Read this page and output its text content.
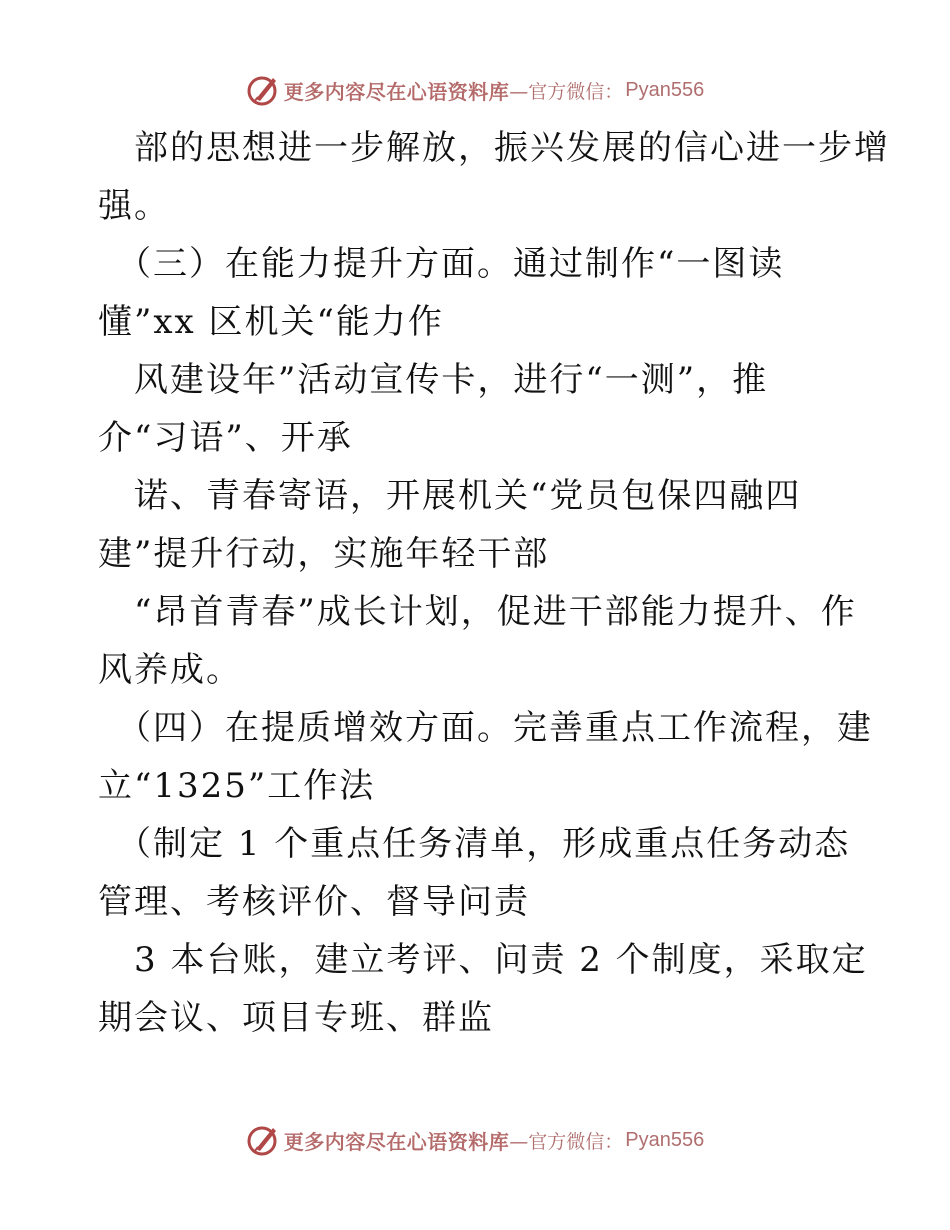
更多内容尽在心语资料库 —官方微信： Pyan556
　部的思想进一步解放，振兴发展的信心进一步增
强。
　（三）在能力提升方面。通过制作“一图读
懂”xx 区机关“能力作
　风建设年”活动宣传卡，进行“一测”，推
介“习语”、开承
　诺、青春寄语，开展机关“党员包保四融四
建”提升行动，实施年轻干部
　“昂首青春”成长计划，促进干部能力提升、作
风养成。
　（四）在提质增效方面。完善重点工作流程，建
立“1325”工作法
　（制定 1 个重点任务清单，形成重点任务动态
管理、考核评价、督导问责
　3 本台账，建立考评、问责 2 个制度，采取定
期会议、项目专班、群监
更多内容尽在心语资料库 —官方微信： Pyan556
